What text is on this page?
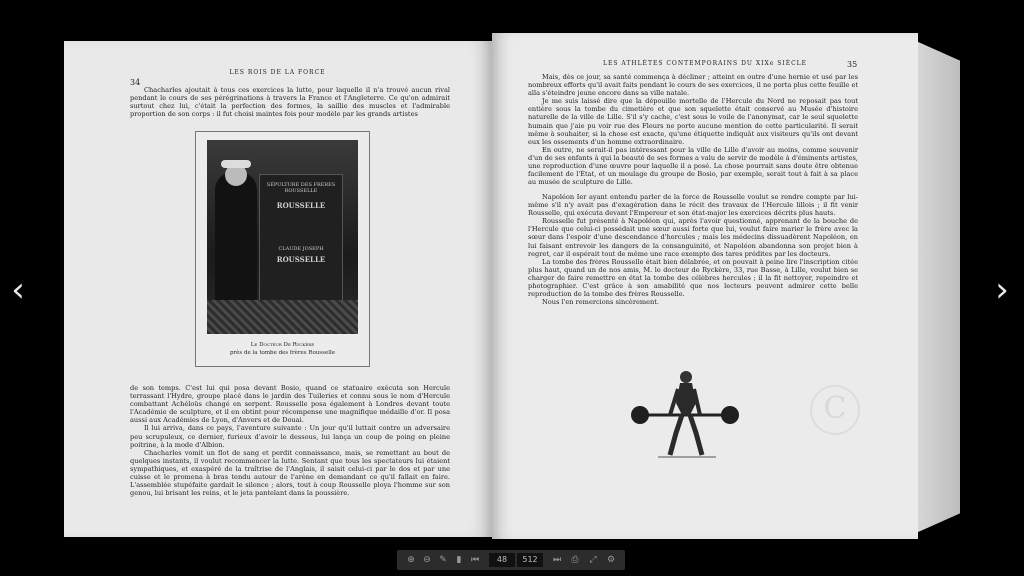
‹	›
LES ROIS DE LA FORCE
34

Chacharles ajoutait à tous ces exercices la lutte, pour laquelle il n'a trouvé aucun rival pendant le cours de ses pérégrinations à travers la France et l'Angleterre. Ce qu'on admirait surtout chez lui, c'était la perfection des formes, la saillie des muscles et l'admirable proportion de son corps : il fut choisi maintes fois pour modèle par les grands artistes

SÉPULTURE DES FRÈRES ROUSSELLE
ROUSSELLE
CLAUDE JOSEPH
ROUSSELLE
Le Docteur De Ryckère
près de la tombe des frères Rousselle

de son temps. C'est lui qui posa devant Bosio, quand ce statuaire exécuta son Hercule terrassant l'Hydre, groupe placé dans le jardin des Tuileries et connu sous le nom d'Hercule combattant Achéloüs changé en serpent. Rousselle posa également à Londres devant toute l'Académie de sculpture, et il en obtint pour récompense une magnifique médaille d'or. Il posa aussi aux Académies de Lyon, d'Anvers et de Douai.

Il lui arriva, dans ce pays, l'aventure suivante : Un jour qu'il luttait contre un adversaire peu scrupuleux, ce dernier, furieux d'avoir le dessous, lui lança un coup de poing en pleine poitrine, à la mode d'Albion.

Chacharles vomit un flot de sang et perdit connaissance, mais, se remettant au bout de quelques instants, il voulut recommencer la lutte. Sentant que tous les spectateurs lui étaient sympathiques, et exaspéré de la traîtrise de l'Anglais, il saisit celui-ci par le dos et par une cuisse et le promena à bras tendu autour de l'arène en demandant ce qu'il fallait en faire. L'assemblée stupéfaite gardait le silence ; alors, tout à coup Rousselle ploya l'homme sur son genou, lui brisant les reins, et le jeta pantelant dans la poussière.

LES ATHLÈTES CONTEMPORAINS DU XIXe SIÈCLE	35

Mais, dès ce jour, sa santé commença à décliner ; atteint en outre d'une hernie et usé par les nombreux efforts qu'il avait faits pendant le cours de ses exercices, il ne porta plus cette feuille et alla s'éteindre jeune encore dans sa ville natale.

Je me suis laissé dire que la dépouille mortelle de l'Hercule du Nord ne reposait pas tout entière sous la tombe du cimetière et que son squelette était conservé au Musée d'histoire naturelle de la ville de Lille. S'il s'y cache, c'est sous le voile de l'anonymat, car le seul squelette humain que j'aie pu voir rue des Fleurs ne porte aucune mention de cette particularité. Il serait même à souhaiter, si la chose est exacte, qu'une étiquette indiquât aux visiteurs qu'ils ont devant eux les ossements d'un homme extraordinaire.

En outre, ne serait-il pas intéressant pour la ville de Lille d'avoir au moins, comme souvenir d'un de ses enfants à qui la beauté de ses formes a valu de servir de modèle à d'éminents artistes, une reproduction d'une œuvre pour laquelle il a posé. La chose pourrait sans doute être obtenue facilement de l'État, et un moulage du groupe de Bosio, par exemple, serait tout à fait à sa place au musée de sculpture de Lille.

Napoléon Ier ayant entendu parler de la force de Rousselle voulut se rendre compte par lui-même s'il n'y avait pas d'exagération dans le récit des travaux de l'Hercule lillois ; il fit venir Rousselle, qui exécuta devant l'Empereur et son état-major les exercices décrits plus hauts.

Rousselle fut présenté à Napoléon qui, après l'avoir questionné, apprenant de la bouche de l'Hercule que celui-ci possédait une sœur aussi forte que lui, voulut faire marier le frère avec la sœur dans l'espoir d'une descendance d'hercules ; mais les médecins dissuadèrent Napoléon, en lui faisant entrevoir les dangers de la consanguinité, et Napoléon abandonna son projet bien à regret, car il espérait tout de même une race exempte des tares prédites par les docteurs.

La tombe des frères Rousselle était bien délabrée, et on pouvait à peine lire l'inscription citée plus haut, quand un de nos amis, M. le docteur de Ryckère, 33, rue Basse, à Lille, voulut bien se charger de faire remettre en état la tombe des célèbres hercules ; il la fit nettoyer, repeindre et photographier. C'est grâce à son amabilité que nos lecteurs peuvent admirer cette belle reproduction de la tombe des frères Rousselle.

Nous l'en remercions sincèrement.

C
⊕ ⊖ ✎	▮	⏮	48	512	⏭ ⎙ ⤢ ⚙
